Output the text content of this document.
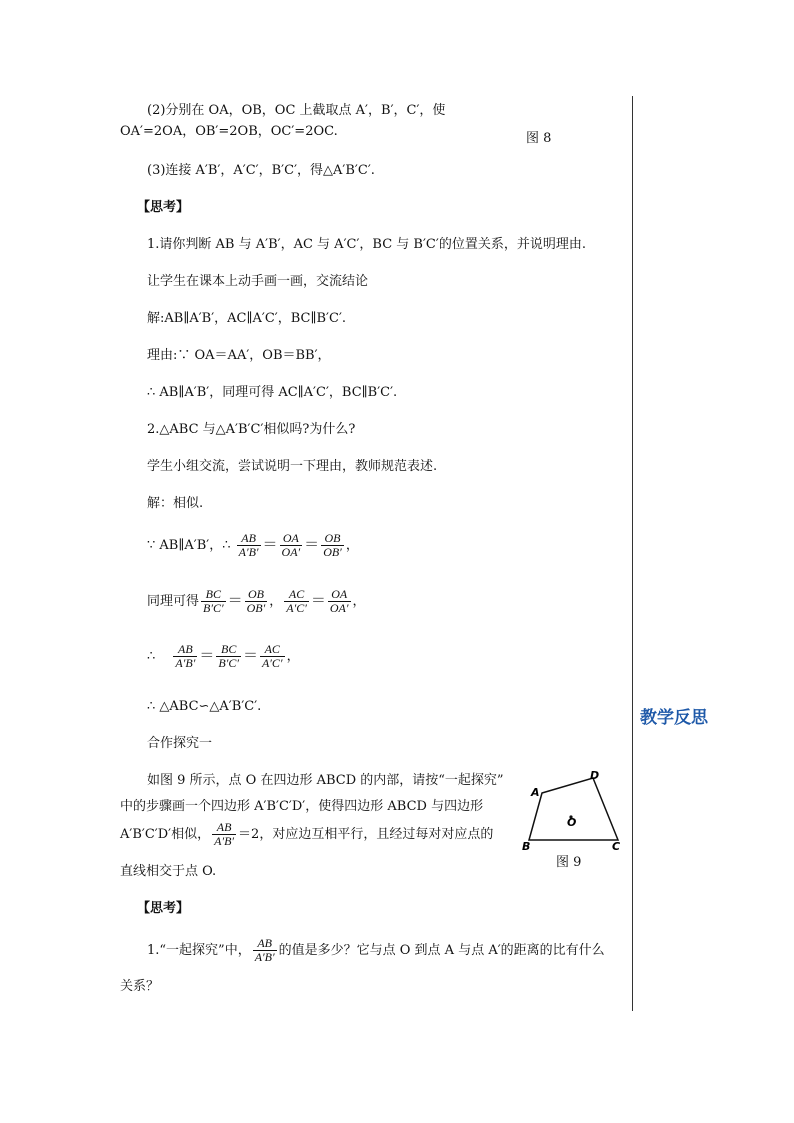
(2)分别在 OA，OB，OC 上截取点 A′，B′，C′，使
OA′=2OA，OB′=2OB，OC′=2OC.	图 8
(3)连接 A′B′，A′C′，B′C′，得△A′B′C′.
【思考】
1.请你判断 AB 与 A′B′，AC 与 A′C′，BC 与 B′C′的位置关系，并说明理由.
让学生在课本上动手画一画，交流结论
解:AB∥A′B′，AC∥A′C′，BC∥B′C′.
理由:∵ OA＝AA′，OB＝BB′，
∴ AB∥A′B′，同理可得 AC∥A′C′，BC∥B′C′.
2.△ABC 与△A′B′C′相似吗?为什么?
学生小组交流，尝试说明一下理由，教师规范表述.
解：相似.
∵ AB∥A′B′，∴ $\frac{AB}{A'B'} = \frac{OA}{OA'} = \frac{OB}{OB'}$ ，
同理可得 $\frac{BC}{B'C'} = \frac{OB}{OB'}$ ， $\frac{AC}{A'C'} = \frac{OA}{OA'}$ ，
∴ $\frac{AB}{A'B'} = \frac{BC}{B'C'} = \frac{AC}{A'C'}$ ，
∴ △ABC∽△A′B′C′.
教学反思
合作探究一
如图 9 所示，点 O 在四边形 ABCD 的内部，请按“一起探究”
中的步骤画一个四边形 A′B′C′D′，使得四边形 ABCD 与四边形
A′B′C′D′相似， $\frac{AB}{A'B'} =2$，对应边互相平行，且经过每对对应点的
直线相交于点 O.
A
D
O
B	C
图 9
【思考】
1.“一起探究”中， $\frac{AB}{A'B'}$ 的值是多少？它与点 O 到点 A 与点 A′的距离的比有什么
关系？
